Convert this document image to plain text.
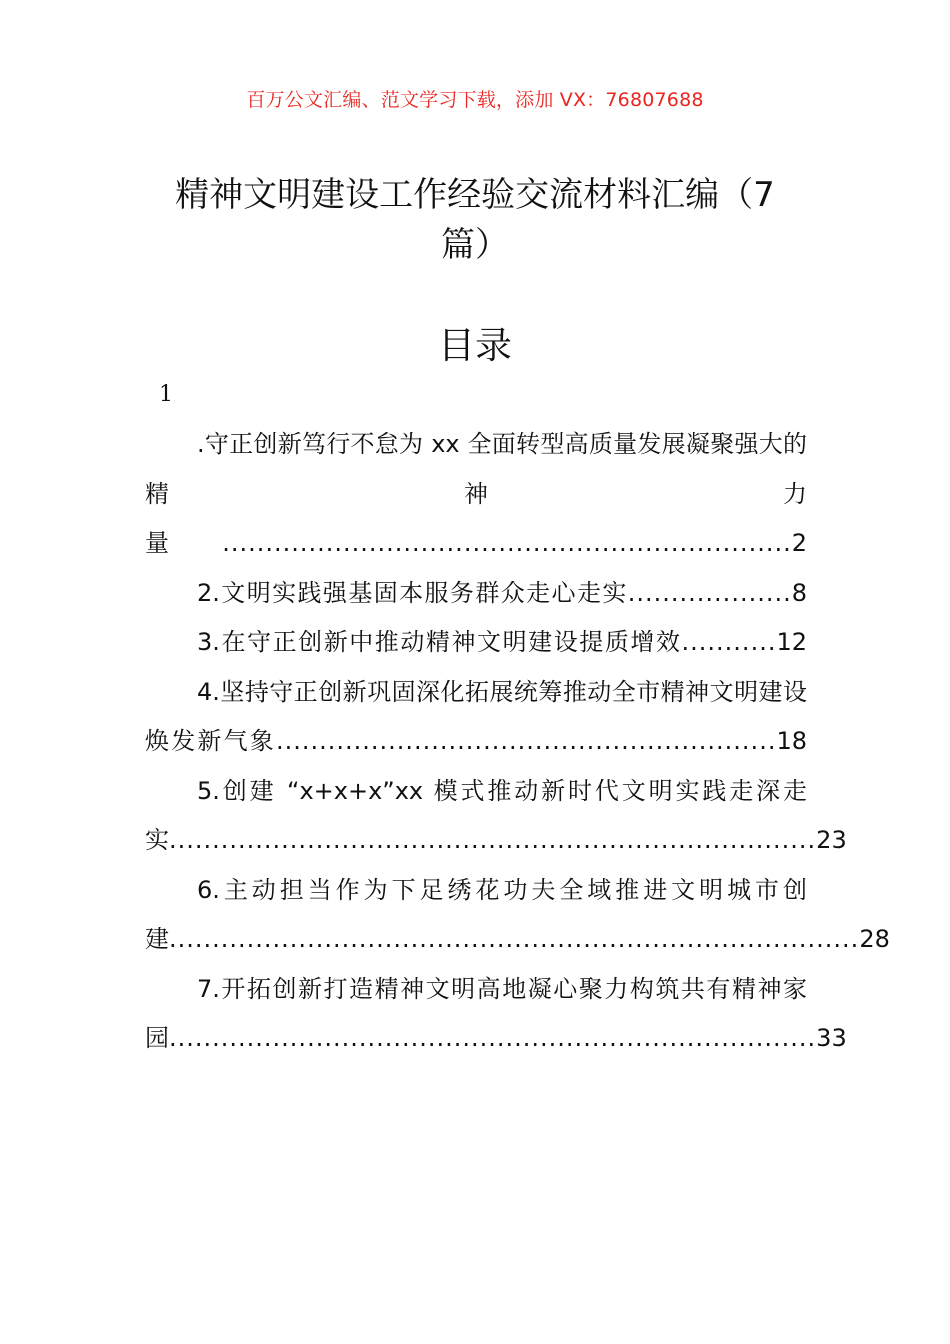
百万公文汇编、范文学习下载，添加 VX：76807688
精神文明建设工作经验交流材料汇编（7
篇）
目录
1
.守正创新笃行不怠为 xx 全面转型高质量发展凝聚强大的精神力量..................................................................2
2.文明实践强基固本服务群众走心走实...................8
3.在守正创新中推动精神文明建设提质增效...........12
4.坚持守正创新巩固深化拓展统筹推动全市精神文明建设焕发新气象..........................................................18
5.创建 “x+x+x”xx 模式推动新时代文明实践走深走实...........................................................................23
6.主动担当作为下足绣花功夫全域推进文明城市创建................................................................................28
7.开拓创新打造精神文明高地凝心聚力构筑共有精神家园...........................................................................33
